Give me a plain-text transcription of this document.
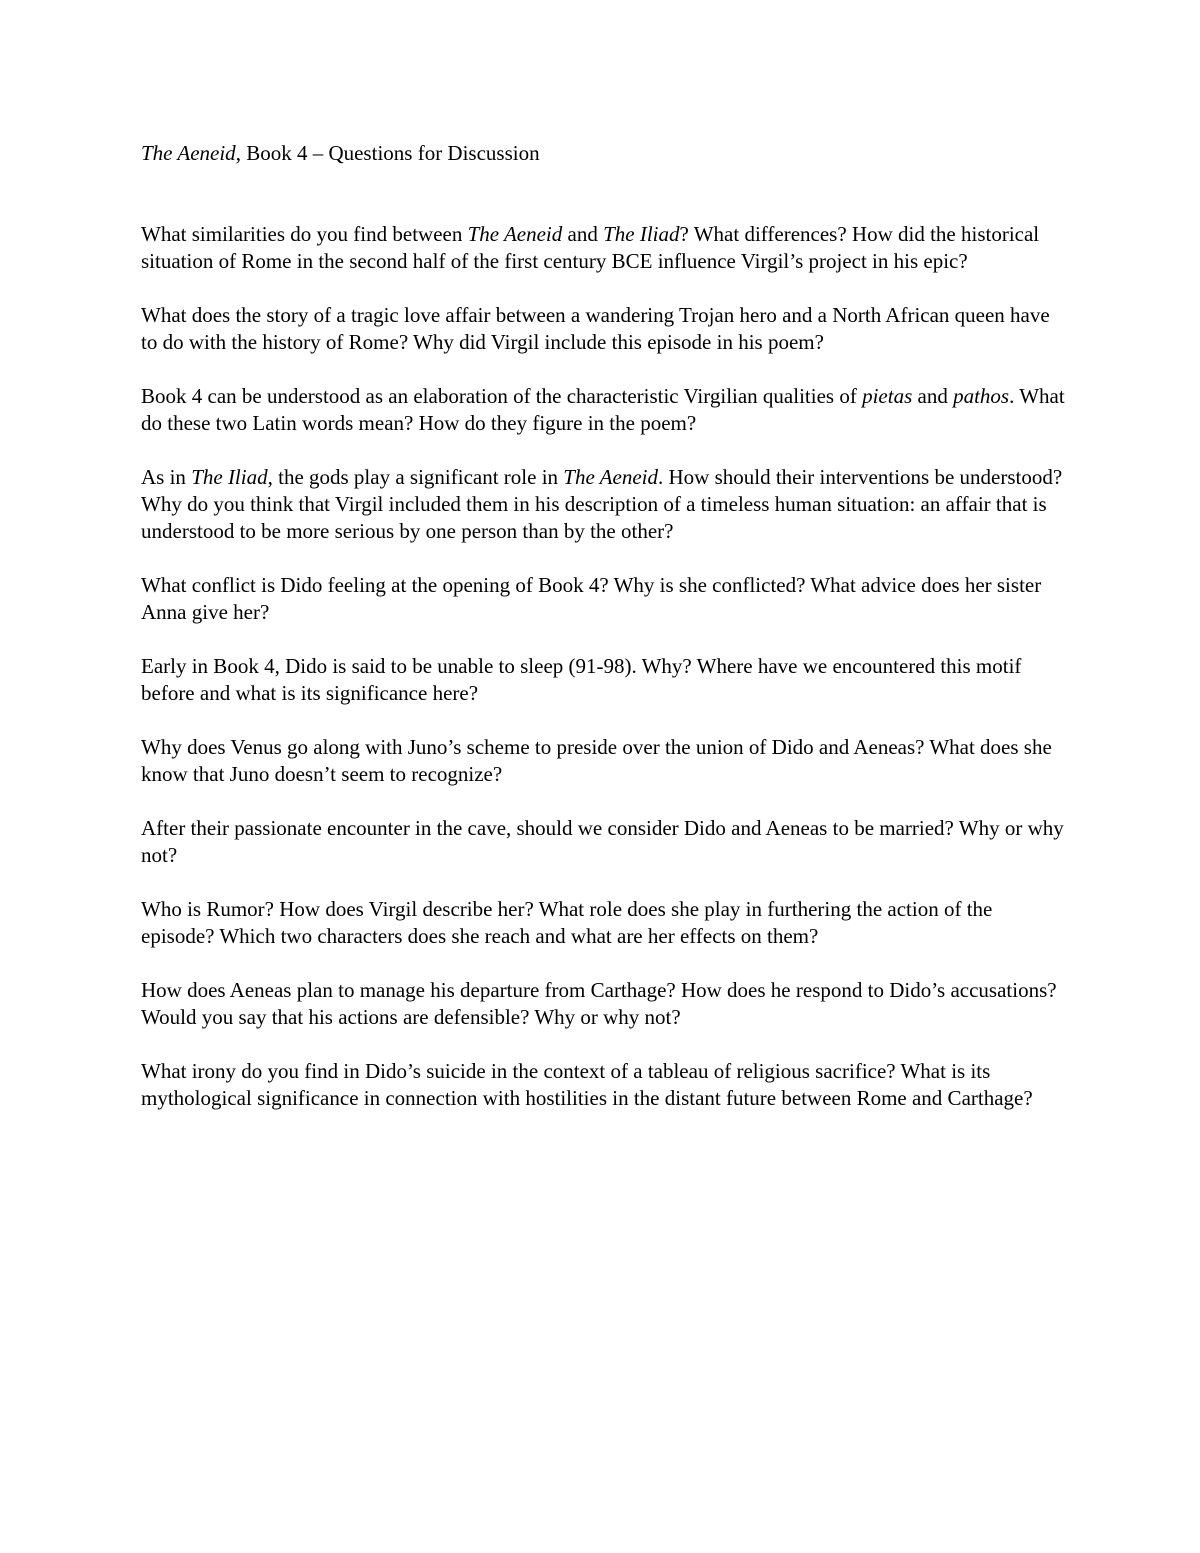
The Aeneid, Book 4 – Questions for Discussion
What similarities do you find between The Aeneid and The Iliad? What differences? How did the historical situation of Rome in the second half of the first century BCE influence Virgil’s project in his epic?
What does the story of a tragic love affair between a wandering Trojan hero and a North African queen have to do with the history of Rome? Why did Virgil include this episode in his poem?
Book 4 can be understood as an elaboration of the characteristic Virgilian qualities of pietas and pathos. What do these two Latin words mean? How do they figure in the poem?
As in The Iliad, the gods play a significant role in The Aeneid. How should their interventions be understood? Why do you think that Virgil included them in his description of a timeless human situation: an affair that is understood to be more serious by one person than by the other?
What conflict is Dido feeling at the opening of Book 4? Why is she conflicted? What advice does her sister Anna give her?
Early in Book 4, Dido is said to be unable to sleep (91-98). Why? Where have we encountered this motif before and what is its significance here?
Why does Venus go along with Juno’s scheme to preside over the union of Dido and Aeneas? What does she know that Juno doesn’t seem to recognize?
After their passionate encounter in the cave, should we consider Dido and Aeneas to be married? Why or why not?
Who is Rumor? How does Virgil describe her? What role does she play in furthering the action of the episode? Which two characters does she reach and what are her effects on them?
How does Aeneas plan to manage his departure from Carthage? How does he respond to Dido’s accusations? Would you say that his actions are defensible? Why or why not?
What irony do you find in Dido’s suicide in the context of a tableau of religious sacrifice? What is its mythological significance in connection with hostilities in the distant future between Rome and Carthage?
